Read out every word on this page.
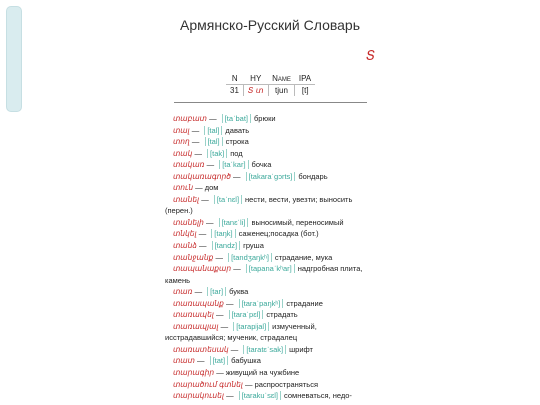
Армянско-Русский Словарь
Տ
N	HY	Name	IPA
31	Տ տ	tjun	[t]
տաբատ — [taˈbat] брюки
տալ — [tal] давать
տող — [tal] строка
տակ — [tak] под
տակառ — [taˈkar] бочка
տակառագործ — [takaraˈgɔrts] бондарь
տուն — дом
տանել — [taˈnɛl] нести, вести, увезти; выносить (перен.)
տանելի — [tanɛˈli] выносимый, переносимый
տնկել — [taŋk] саженец;посадка (бот.)
տանձ — [tandz] груша
տանջանք — [tandʒaŋkʰ] страдание, мука
տապանաքար — [tapanaˈkʰar] надгробная плита, камень
տառ — [tar] буква
տառապանք — [taraˈpaŋkʰ] страдание
տառապել — [taraˈpɛl] страдать
տառապյալ — [tarapʲjal] измученный, исстрадавшийся; мученик, страдалец
տառատեսակ — [taratɛˈsak] шрифт
տատ — [tat] бабушка
տարագիր — живущий на чужбине
տարածում գտնել — распространяться
տարակուսել — [tarakuˈsɛl] сомневаться, недо-
